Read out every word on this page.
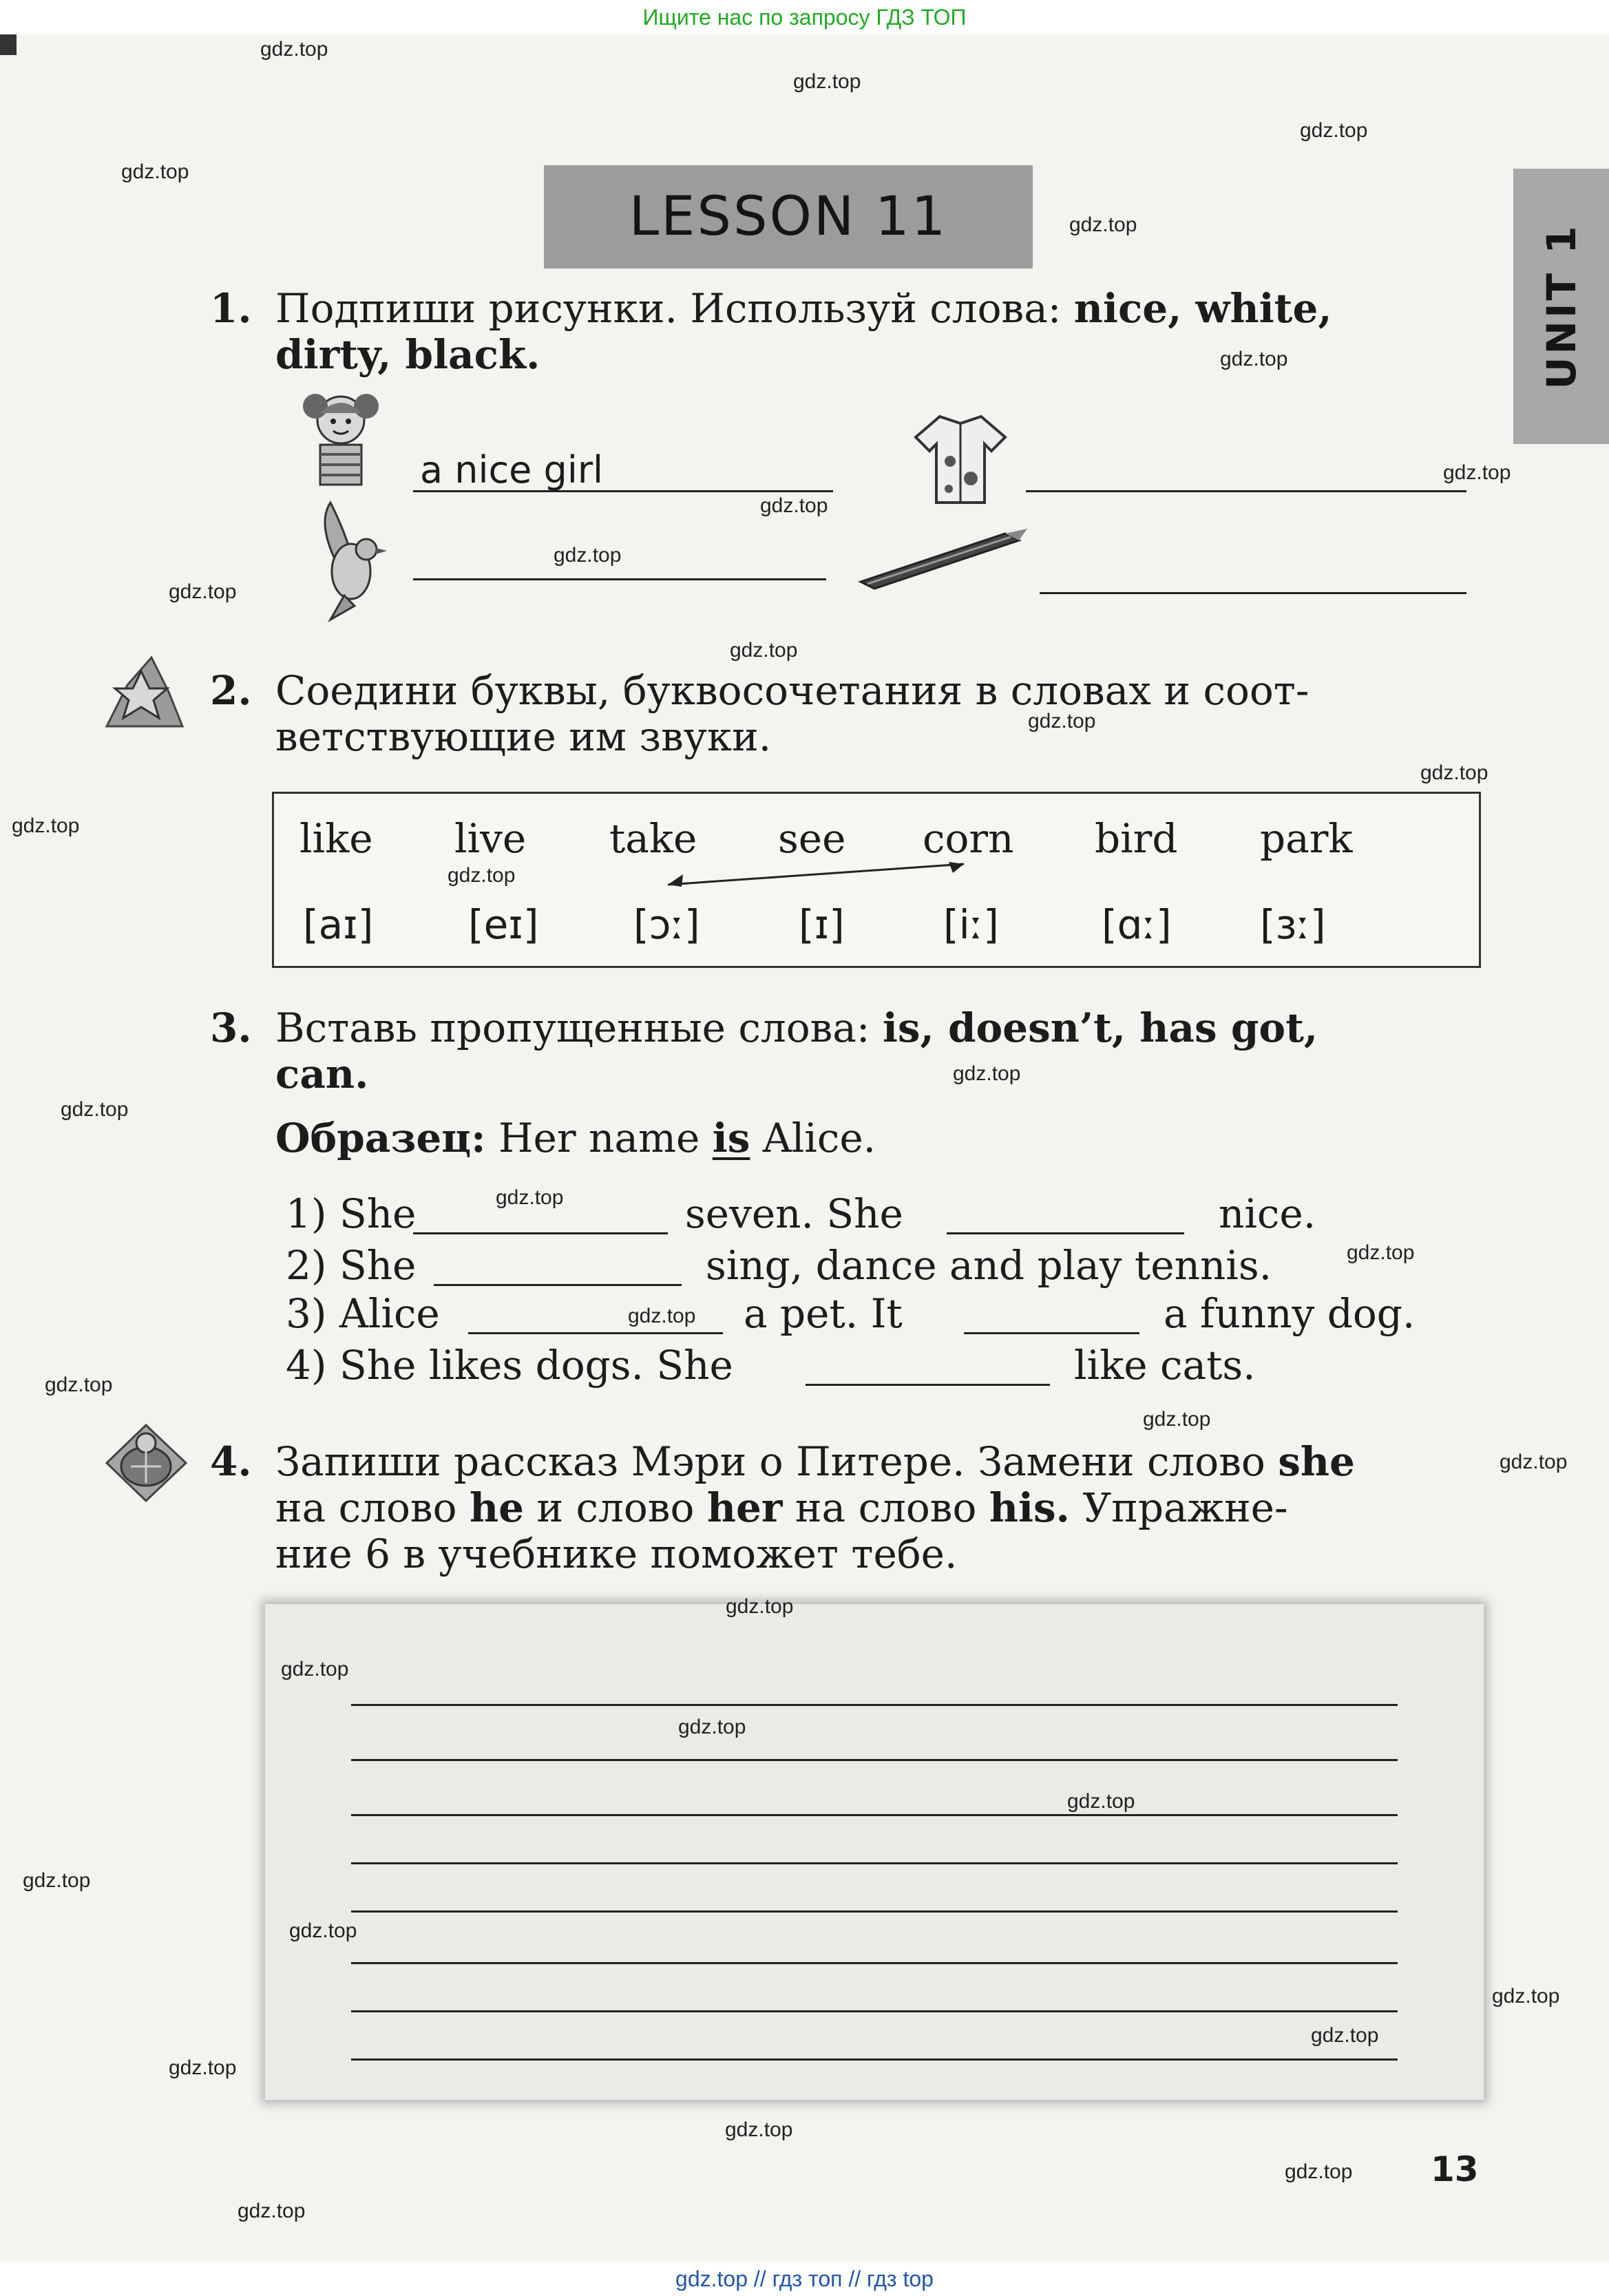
Ищите нас по запросу ГДЗ ТОП
gdz.top // гдз топ // гдз top
LESSON 11
UNIT 1
1. Подпиши рисунки. Используй слова: nice, white,
dirty, black.
a nice girl
2. Соедини буквы, буквосочетания в словах и соот-
ветствующие им звуки.
like live take see corn bird park
[aɪ] [eɪ] [ɔː] [ɪ] [iː]	[ɑː] [ɜː]
3. Вставь пропущенные слова: is, doesn’t, has got,
can.
Образец: Her name is Alice.
1) She	seven. She	nice.
2) She	sing, dance and play tennis.
3) Alice	a pet. It	a funny dog.
4) She likes dogs. She	like cats.
4. Запиши рассказ Мэри о Питере. Замени слово she
на слово he и слово her на слово his. Упражне-
ние 6 в учебнике поможет тебе.
13
gdz.top
gdz.top
gdz.top
gdz.top
gdz.top
gdz.top
gdz.top
gdz.top
gdz.top
gdz.top
gdz.top
gdz.top
gdz.top
gdz.top
gdz.top
gdz.top
gdz.top
gdz.top
gdz.top
gdz.top
gdz.top
gdz.top
gdz.top
gdz.top
gdz.top
gdz.top
gdz.top
gdz.top
gdz.top
gdz.top
gdz.top
gdz.top
gdz.top
gdz.top
gdz.top
